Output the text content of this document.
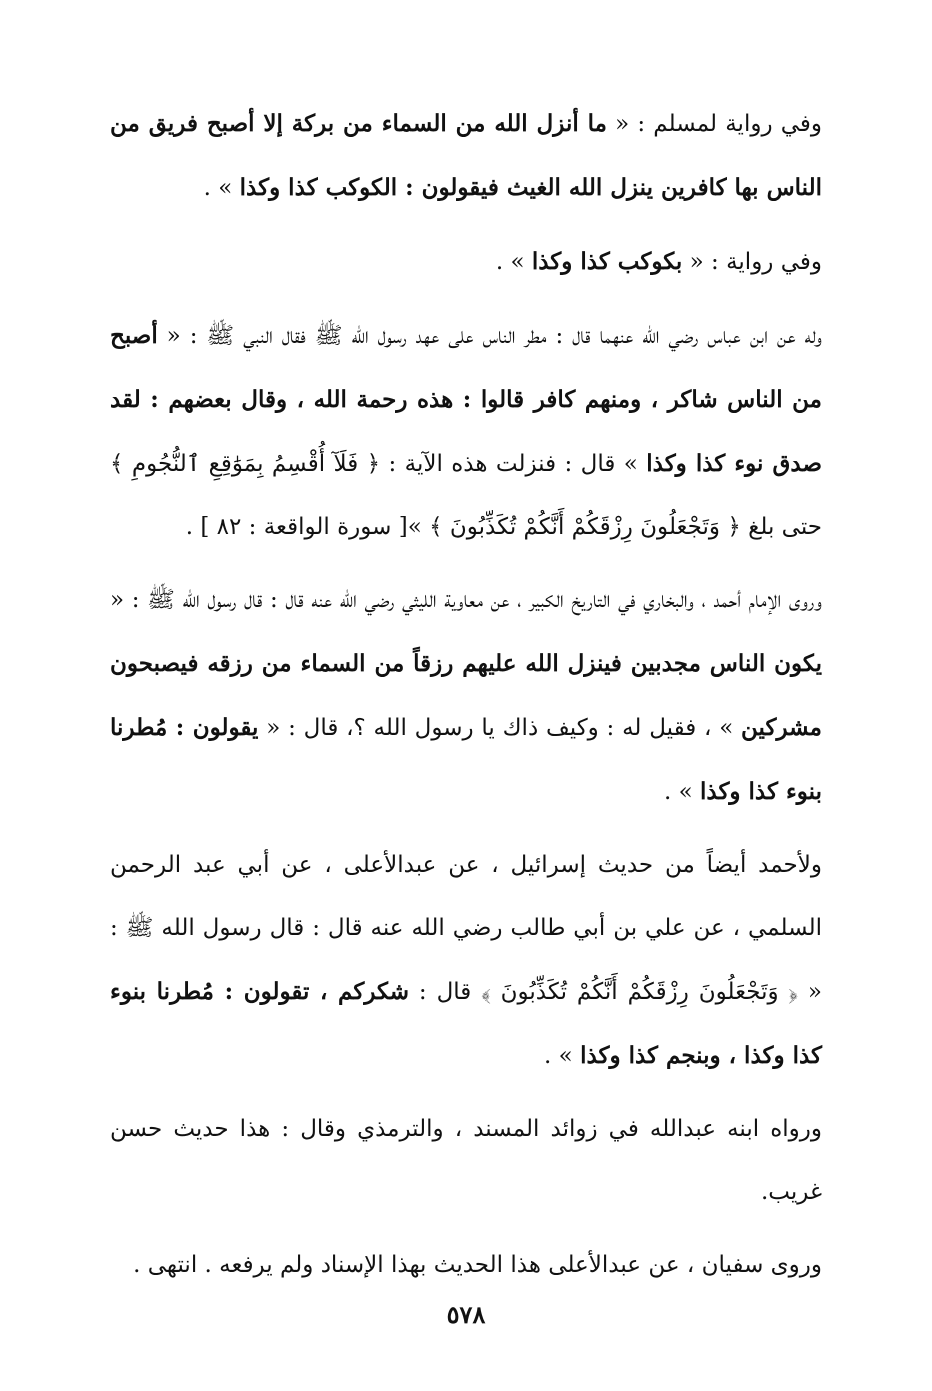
وفي رواية لمسلم : « ما أنزل الله من السماء من بركة إلا أصبح فريق من الناس بها كافرين ينزل الله الغيث فيقولون : الكوكب كذا وكذا » .

وفي رواية : « بكوكب كذا وكذا » .

وله عن ابن عباس رضي الله عنهما قال : مطر الناس على عهد رسول الله ﷺ فقال النبي ﷺ : « أصبح من الناس شاكر ، ومنهم كافر قالوا : هذه رحمة الله ، وقال بعضهم : لقد صدق نوء كذا وكذا » قال : فنزلت هذه الآية : ﴿ فَلَآ أُقْسِمُ بِمَوَٰقِعِ ٱلنُّجُومِ ﴾ حتى بلغ ﴿ وَتَجْعَلُونَ رِزْقَكُمْ أَنَّكُمْ تُكَذِّبُونَ ﴾ »[ سورة الواقعة : ٨٢ ] .

وروى الإمام أحمد ، والبخاري في التاريخ الكبير ، عن معاوية الليثي رضي الله عنه قال : قال رسول الله ﷺ : « يكون الناس مجدبين فينزل الله عليهم رزقاً من السماء من رزقه فيصبحون مشركين » ، فقيل له : وكيف ذاك يا رسول الله ؟، قال : « يقولون : مُطرنا بنوء كذا وكذا » .

ولأحمد أيضاً من حديث إسرائيل ، عن عبدالأعلى ، عن أبي عبد الرحمن السلمي ، عن علي بن أبي طالب رضي الله عنه قال : قال رسول الله ﷺ : « ﴿ وَتَجْعَلُونَ رِزْقَكُمْ أَنَّكُمْ تُكَذِّبُونَ ﴾ قال : شكركم ، تقولون : مُطرنا بنوء كذا وكذا ، وبنجم كذا وكذا » .

ورواه ابنه عبدالله في زوائد المسند ، والترمذي وقال : هذا حديث حسن غريب.

وروى سفيان ، عن عبدالأعلى هذا الحديث بهذا الإسناد ولم يرفعه . انتهى .

٥٧٨
